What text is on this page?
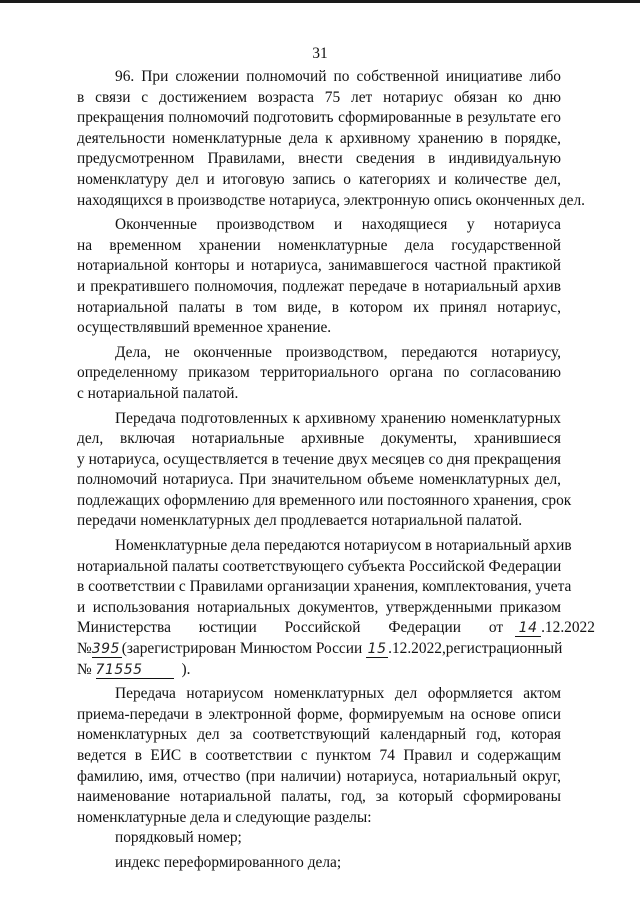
31
96. При сложении полномочий по собственной инициативе либо
в связи с достижением возраста 75 лет нотариус обязан ко дню
прекращения полномочий подготовить сформированные в результате его
деятельности номенклатурные дела к архивному хранению в порядке,
предусмотренном Правилами, внести сведения в индивидуальную
номенклатуру дел и итоговую запись о категориях и количестве дел,
находящихся в производстве нотариуса, электронную опись оконченных дел.
Оконченные производством и находящиеся у нотариуса
на временном хранении номенклатурные дела государственной
нотариальной конторы и нотариуса, занимавшегося частной практикой
и прекратившего полномочия, подлежат передаче в нотариальный архив
нотариальной палаты в том виде, в котором их принял нотариус,
осуществлявший временное хранение.
Дела, не оконченные производством, передаются нотариусу,
определенному приказом территориального органа по согласованию
с нотариальной палатой.
Передача подготовленных к архивному хранению номенклатурных
дел, включая нотариальные архивные документы, хранившиеся
у нотариуса, осуществляется в течение двух месяцев со дня прекращения
полномочий нотариуса. При значительном объеме номенклатурных дел,
подлежащих оформлению для временного или постоянного хранения, срок
передачи номенклатурных дел продлевается нотариальной палатой.
Номенклатурные дела передаются нотариусом в нотариальный архив
нотариальной палаты соответствующего субъекта Российской Федерации
в соответствии с Правилами организации хранения, комплектования, учета
и использования нотариальных документов, утвержденными приказом
Министерства юстиции Российской Федерации от 14 .12.2022
№395 (зарегистрирован Минюстом России 15 .12.2022,регистрационный
№ 71555	).
Передача нотариусом номенклатурных дел оформляется актом
приема-передачи в электронной форме, формируемым на основе описи
номенклатурных дел за соответствующий календарный год, которая
ведется в ЕИС в соответствии с пунктом 74 Правил и содержащим
фамилию, имя, отчество (при наличии) нотариуса, нотариальный округ,
наименование нотариальной палаты, год, за который сформированы
номенклатурные дела и следующие разделы:
порядковый номер;
индекс переформированного дела;
